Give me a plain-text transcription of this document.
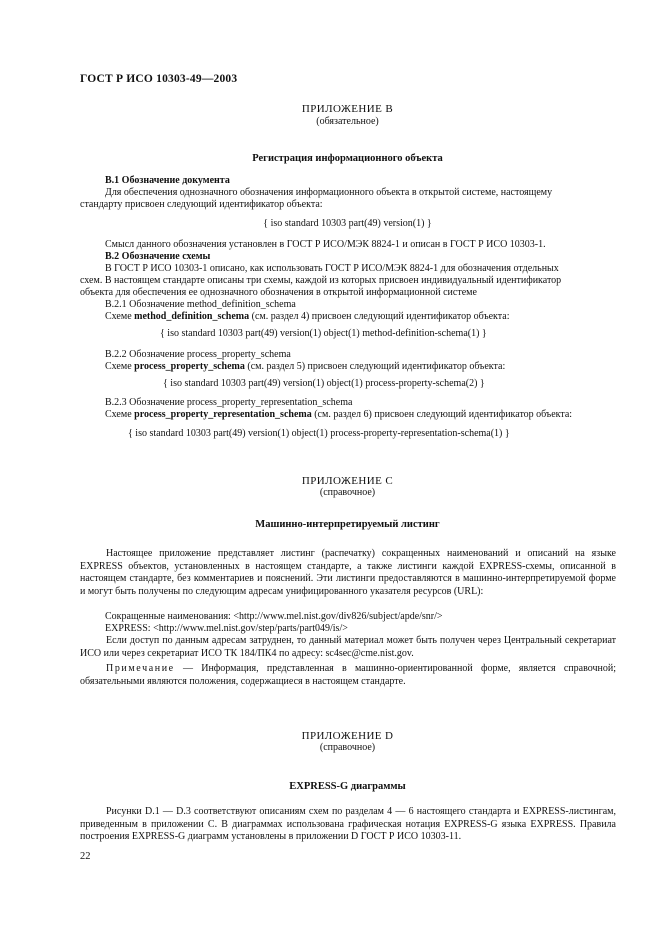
ГОСТ Р ИСО 10303-49—2003
ПРИЛОЖЕНИЕ B
(обязательное)
Регистрация информационного объекта
B.1 Обозначение документа
Для обеспечения однозначного обозначения информационного объекта в открытой системе, настоящему
стандарту присвоен следующий идентификатор объекта:
{ iso standard 10303 part(49) version(1) }
Смысл данного обозначения установлен в ГОСТ Р ИСО/МЭК 8824-1 и описан в ГОСТ Р ИСО 10303-1.
B.2 Обозначение схемы
В ГОСТ Р ИСО 10303-1 описано, как использовать ГОСТ Р ИСО/МЭК 8824-1 для обозначения отдельных
схем. В настоящем стандарте описаны три схемы, каждой из которых присвоен индивидуальный идентификатор
объекта для обеспечения ее однозначного обозначения в открытой информационной системе
B.2.1 Обозначение method_definition_schema
Схеме method_definition_schema (см. раздел 4) присвоен следующий идентификатор объекта:
{ iso standard 10303 part(49) version(1) object(1) method-definition-schema(1) }
B.2.2 Обозначение process_property_schema
Схеме process_property_schema (см. раздел 5) присвоен следующий идентификатор объекта:
{ iso standard 10303 part(49) version(1) object(1) process-property-schema(2) }
B.2.3 Обозначение process_property_representation_schema
Схеме process_property_representation_schema (см. раздел 6) присвоен следующий идентификатор объекта:
{ iso standard 10303 part(49) version(1) object(1) process-property-representation-schema(1) }
ПРИЛОЖЕНИЕ C
(справочное)
Машинно-интерпретируемый листинг
Настоящее приложение представляет листинг (распечатку) сокращенных наименований и описаний на языке EXPRESS объектов, установленных в настоящем стандарте, а также листинги каждой EXPRESS-схемы, описанной в настоящем стандарте, без комментариев и пояснений. Эти листинги предоставляются в машинно-интерпретируемой форме и могут быть получены по следующим адресам унифицированного указателя ресурсов (URL):
Сокращенные наименования: <http://www.mel.nist.gov/div826/subject/apde/snr/>
EXPRESS: <http://www.mel.nist.gov/step/parts/part049/is/>
Если доступ по данным адресам затруднен, то данный материал может быть получен через Центральный секретариат ИСО или через секретариат ИСО ТК 184/ПК4 по адресу: sc4sec@cme.nist.gov.
Примечание — Информация, представленная в машинно-ориентированной форме, является справочной; обязательными являются положения, содержащиеся в настоящем стандарте.
ПРИЛОЖЕНИЕ D
(справочное)
EXPRESS-G диаграммы
Рисунки D.1 — D.3 соответствуют описаниям схем по разделам 4 — 6 настоящего стандарта и EXPRESS-листингам, приведенным в приложении C. В диаграммах использована графическая нотация EXPRESS-G языка EXPRESS. Правила построения EXPRESS-G диаграмм установлены в приложении D ГОСТ Р ИСО 10303-11.
22
